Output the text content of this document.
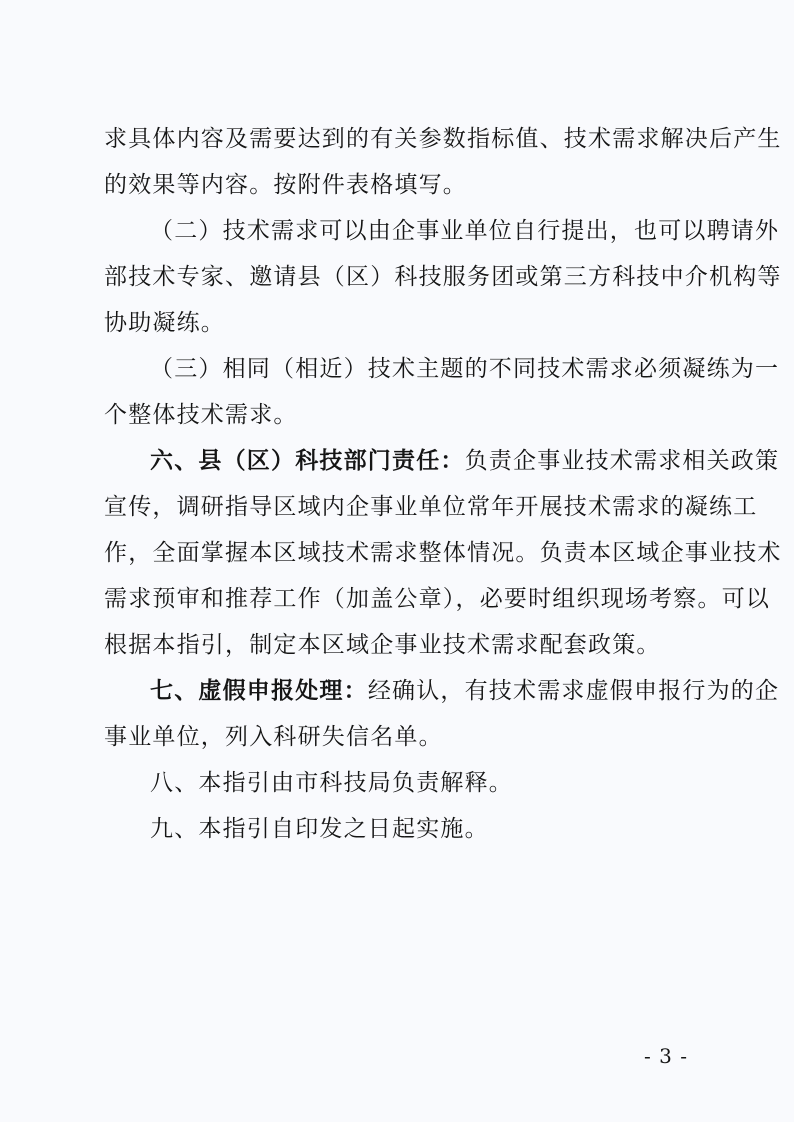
求具体内容及需要达到的有关参数指标值、技术需求解决后产生
的效果等内容。按附件表格填写。
（二）技术需求可以由企事业单位自行提出，也可以聘请外
部技术专家、邀请县（区）科技服务团或第三方科技中介机构等
协助凝练。
（三）相同（相近）技术主题的不同技术需求必须凝练为一
个整体技术需求。
六、县（区）科技部门责任：负责企事业技术需求相关政策
宣传，调研指导区域内企事业单位常年开展技术需求的凝练工
作，全面掌握本区域技术需求整体情况。负责本区域企事业技术
需求预审和推荐工作（加盖公章），必要时组织现场考察。可以
根据本指引，制定本区域企事业技术需求配套政策。
七、虚假申报处理：经确认，有技术需求虚假申报行为的企
事业单位，列入科研失信名单。
八、本指引由市科技局负责解释。
九、本指引自印发之日起实施。
- 3 -
